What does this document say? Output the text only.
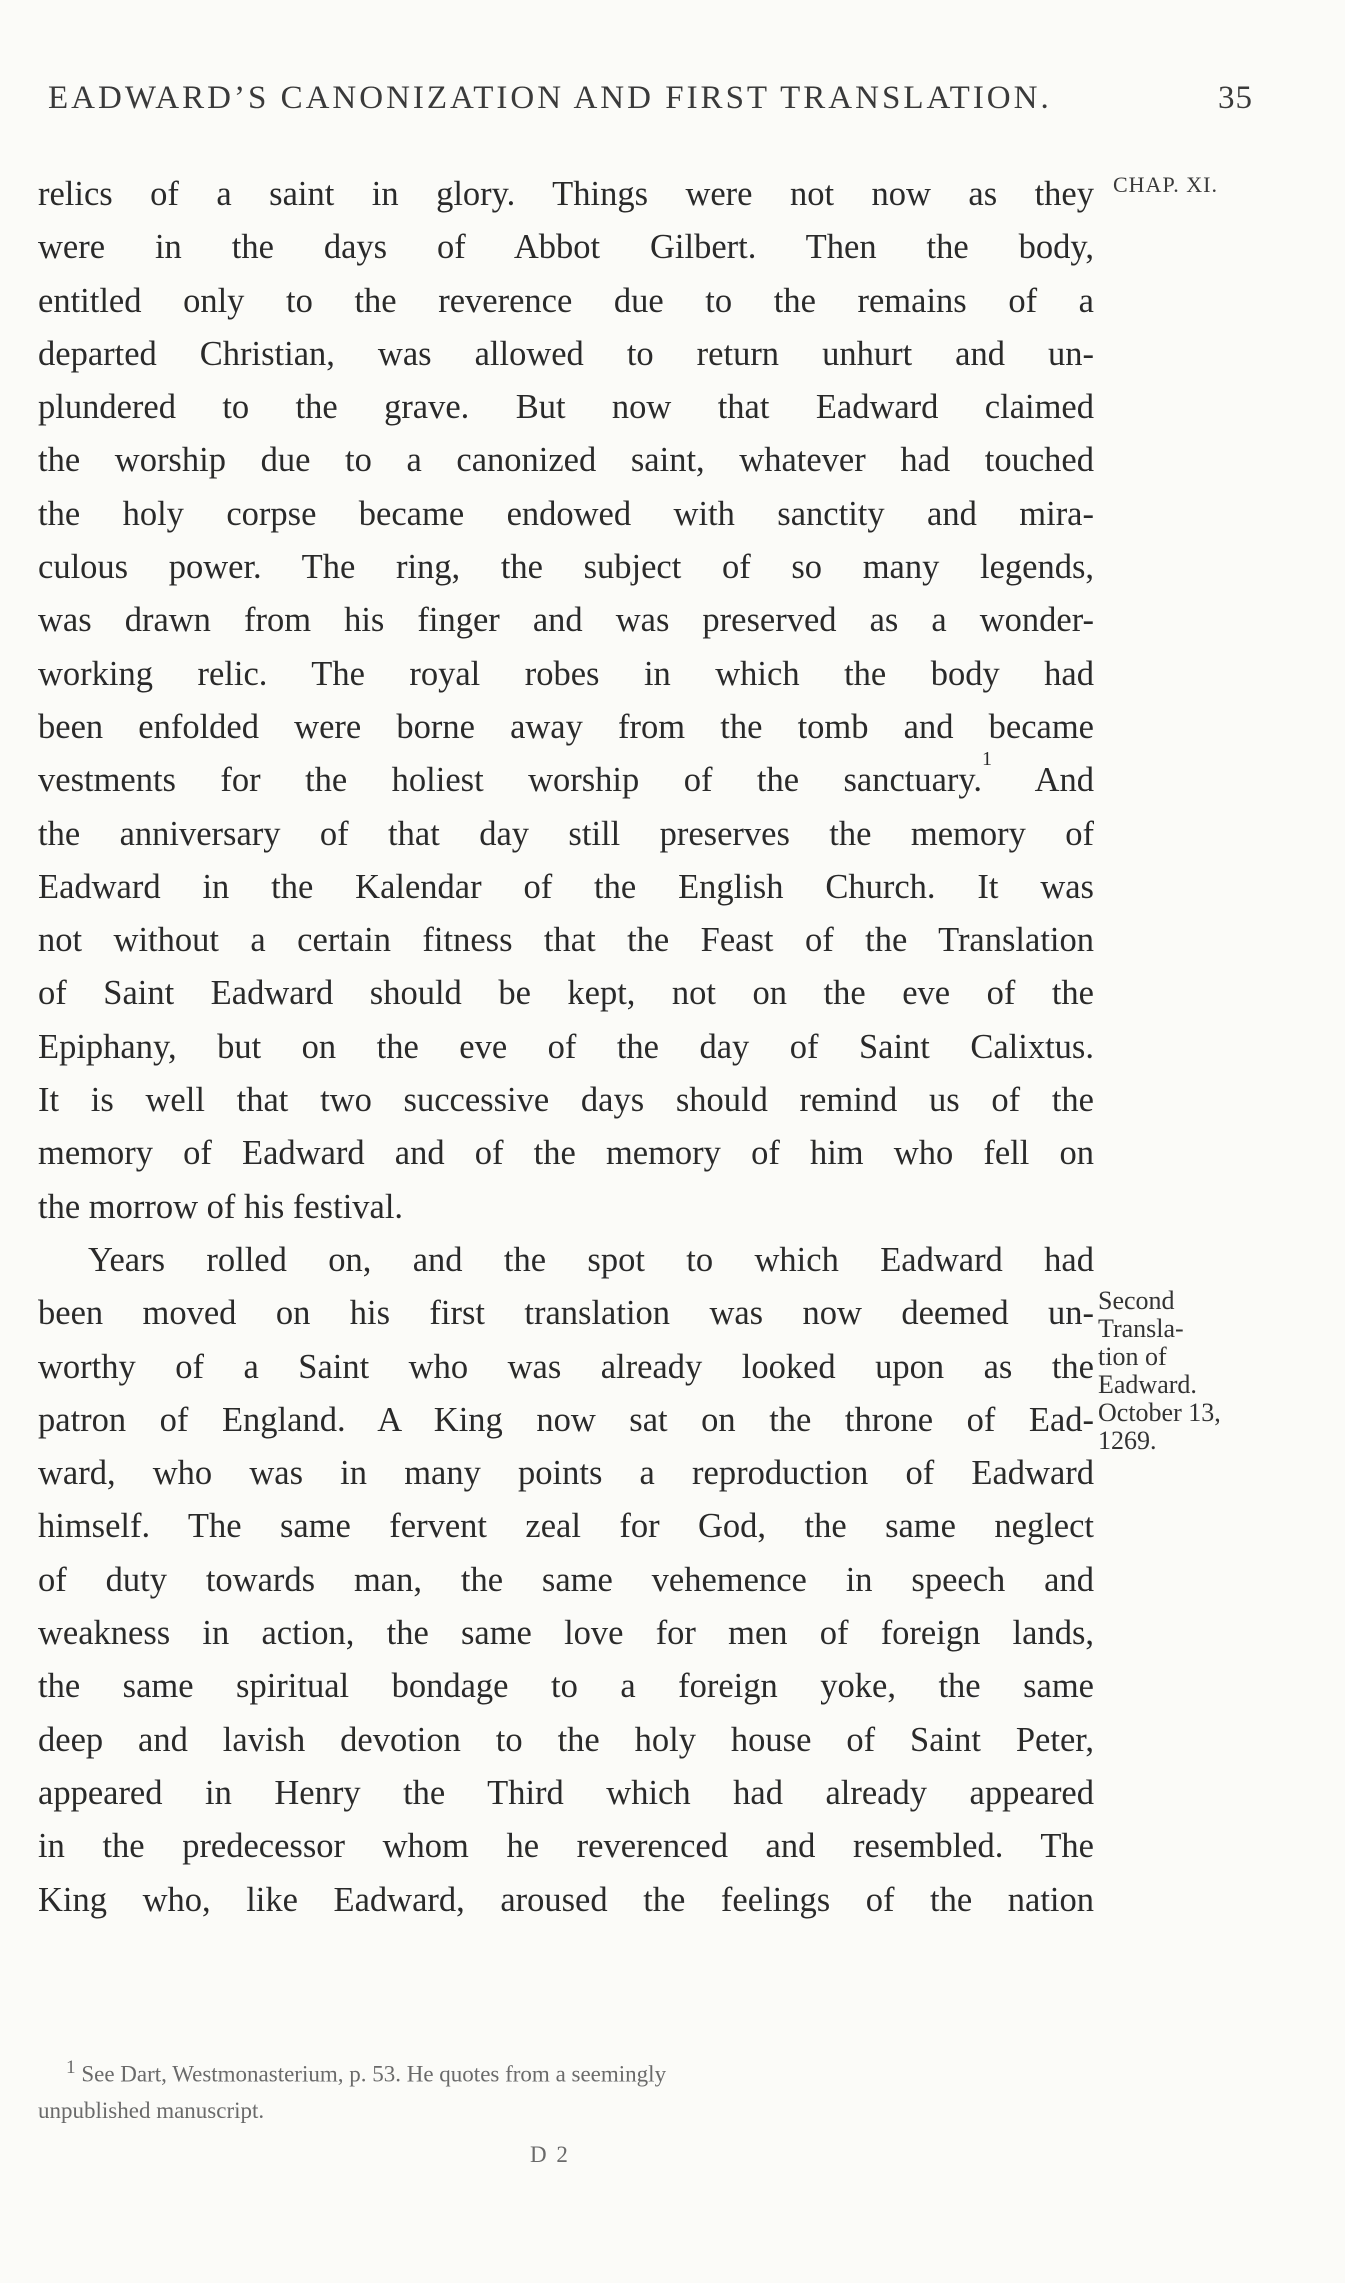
EADWARD’S CANONIZATION AND FIRST TRANSLATION.	35
CHAP. XI.
Second
Transla-
tion of
Eadward.
October 13,
1269.
relics of a saint in glory. Things were not now as they
were in the days of Abbot Gilbert. Then the body,
entitled only to the reverence due to the remains of a
departed Christian, was allowed to return unhurt and un-
plundered to the grave. But now that Eadward claimed
the worship due to a canonized saint, whatever had touched
the holy corpse became endowed with sanctity and mira-
culous power. The ring, the subject of so many legends,
was drawn from his finger and was preserved as a wonder-
working relic. The royal robes in which the body had
been enfolded were borne away from the tomb and became
vestments for the holiest worship of the sanctuary.$^1$ And
the anniversary of that day still preserves the memory of
Eadward in the Kalendar of the English Church. It was
not without a certain fitness that the Feast of the Translation
of Saint Eadward should be kept, not on the eve of the
Epiphany, but on the eve of the day of Saint Calixtus.
It is well that two successive days should remind us of the
memory of Eadward and of the memory of him who fell on
the morrow of his festival.
Years rolled on, and the spot to which Eadward had
been moved on his first translation was now deemed un-
worthy of a Saint who was already looked upon as the
patron of England. A King now sat on the throne of Ead-
ward, who was in many points a reproduction of Eadward
himself. The same fervent zeal for God, the same neglect
of duty towards man, the same vehemence in speech and
weakness in action, the same love for men of foreign lands,
the same spiritual bondage to a foreign yoke, the same
deep and lavish devotion to the holy house of Saint Peter,
appeared in Henry the Third which had already appeared
in the predecessor whom he reverenced and resembled. The
King who, like Eadward, aroused the feelings of the nation
$^1$ See Dart, Westmonasterium, p. 53. He quotes from a seemingly
unpublished manuscript.
D 2
